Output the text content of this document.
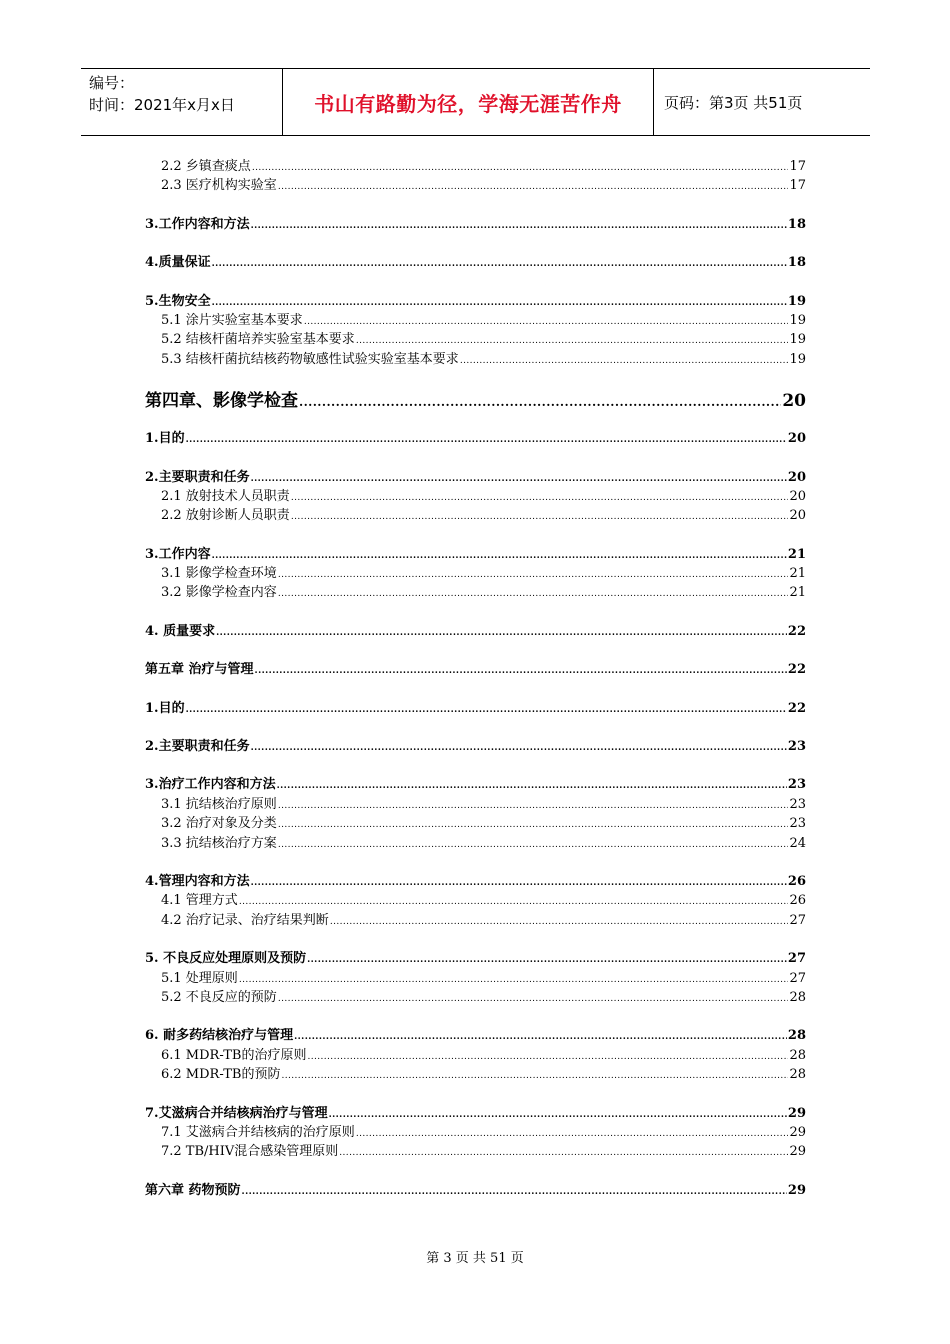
编号：
时间：2021年x月x日	书山有路勤为径，学海无涯苦作舟	页码：第3页 共51页
2.2 乡镇查痰点 .....	17
2.3 医疗机构实验室 .....	17
3.工作内容和方法 .....	18
4.质量保证 .....	18
5.生物安全 .....	19
5.1 涂片实验室基本要求 .....	19
5.2 结核杆菌培养实验室基本要求 .....	19
5.3 结核杆菌抗结核药物敏感性试验实验室基本要求 .....	19
第四章、影像学检查 .....	20
1.目的 .....	20
2.主要职责和任务 .....	20
2.1 放射技术人员职责 .....	20
2.2 放射诊断人员职责 .....	20
3.工作内容 .....	21
3.1 影像学检查环境 .....	21
3.2 影像学检查内容 .....	21
4. 质量要求 .....	22
第五章 治疗与管理 .....	22
1.目的 .....	22
2.主要职责和任务 .....	23
3.治疗工作内容和方法 .....	23
3.1 抗结核治疗原则 .....	23
3.2 治疗对象及分类 .....	23
3.3 抗结核治疗方案 .....	24
4.管理内容和方法 .....	26
4.1 管理方式 .....	26
4.2 治疗记录、治疗结果判断 .....	27
5. 不良反应处理原则及预防 .....	27
5.1 处理原则 .....	27
5.2 不良反应的预防 .....	28
6. 耐多药结核治疗与管理 .....	28
6.1 MDR-TB的治疗原则 .....	28
6.2 MDR-TB的预防 .....	28
7.艾滋病合并结核病治疗与管理 .....	29
7.1 艾滋病合并结核病的治疗原则 .....	29
7.2 TB/HIV混合感染管理原则 .....	29
第六章 药物预防 .....	29
第 3 页 共 51 页
